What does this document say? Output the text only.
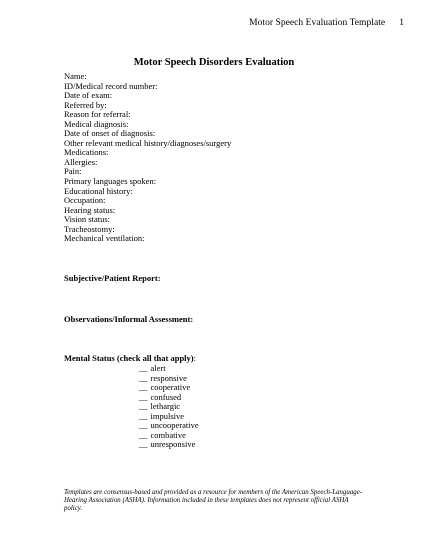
Motor Speech Evaluation Template 1
Motor Speech Disorders Evaluation
Name:
ID/Medical record number:
Date of exam:
Referred by:
Reason for referral:
Medical diagnosis:
Date of onset of diagnosis:
Other relevant medical history/diagnoses/surgery
Medications:
Allergies:
Pain:
Primary languages spoken:
Educational history:
Occupation:
Hearing status:
Vision status:
Tracheostomy:
Mechanical ventilation:
Subjective/Patient Report:
Observations/Informal Assessment:
Mental Status (check all that apply):
__ alert
__ responsive
__ cooperative
__ confused
__ lethargic
__ impulsive
__ uncooperative
__ combative
__ unresponsive
Templates are consensus-based and provided as a resource for members of the American Speech-Language-Hearing Association (ASHA). Information included in these templates does not represent official ASHA policy.
